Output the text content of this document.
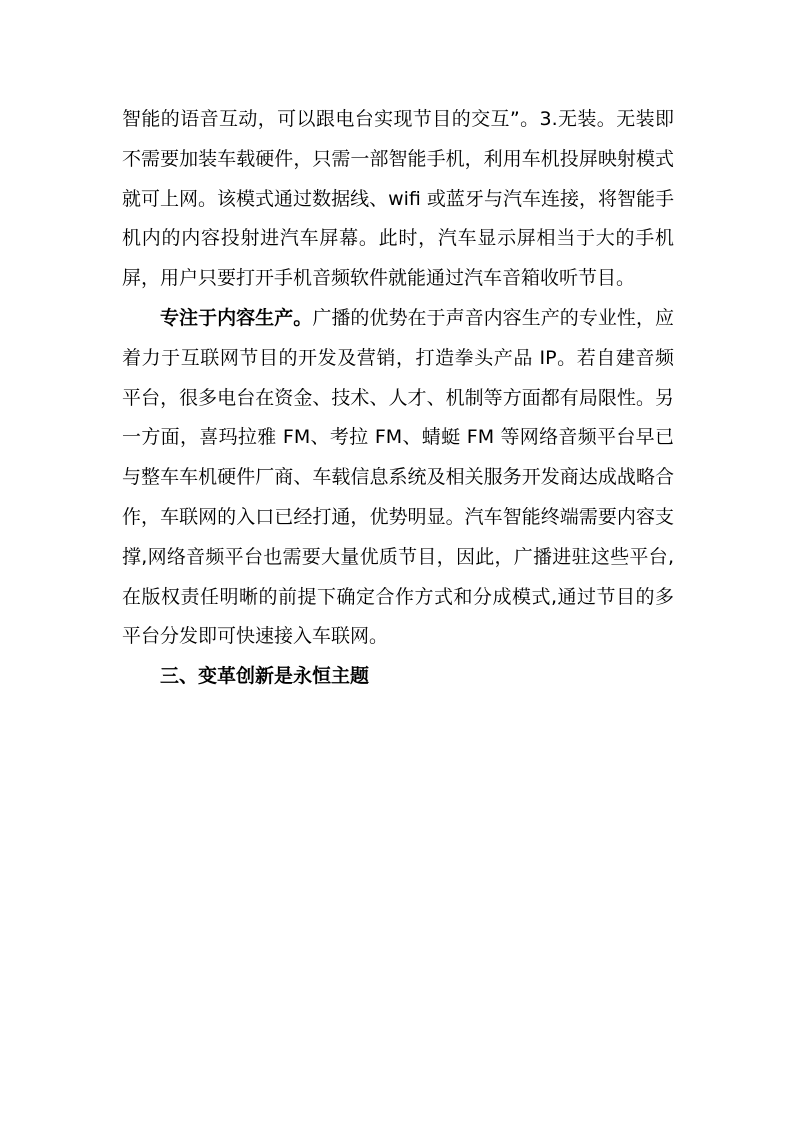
智能的语音互动，可以跟电台实现节目的交互”。3.无装。无装即不需要加装车载硬件，只需一部智能手机，利用车机投屏映射模式就可上网。该模式通过数据线、wifi 或蓝牙与汽车连接，将智能手机内的内容投射进汽车屏幕。此时，汽车显示屏相当于大的手机屏，用户只要打开手机音频软件就能通过汽车音箱收听节目。

专注于内容生产。广播的优势在于声音内容生产的专业性，应着力于互联网节目的开发及营销，打造拳头产品 IP。若自建音频平台，很多电台在资金、技术、人才、机制等方面都有局限性。另一方面，喜玛拉雅 FM、考拉 FM、蜻蜓 FM 等网络音频平台早已与整车车机硬件厂商、车载信息系统及相关服务开发商达成战略合作，车联网的入口已经打通，优势明显。汽车智能终端需要内容支撑,网络音频平台也需要大量优质节目，因此，广播进驻这些平台,在版权责任明晰的前提下确定合作方式和分成模式,通过节目的多平台分发即可快速接入车联网。

三、变革创新是永恒主题
